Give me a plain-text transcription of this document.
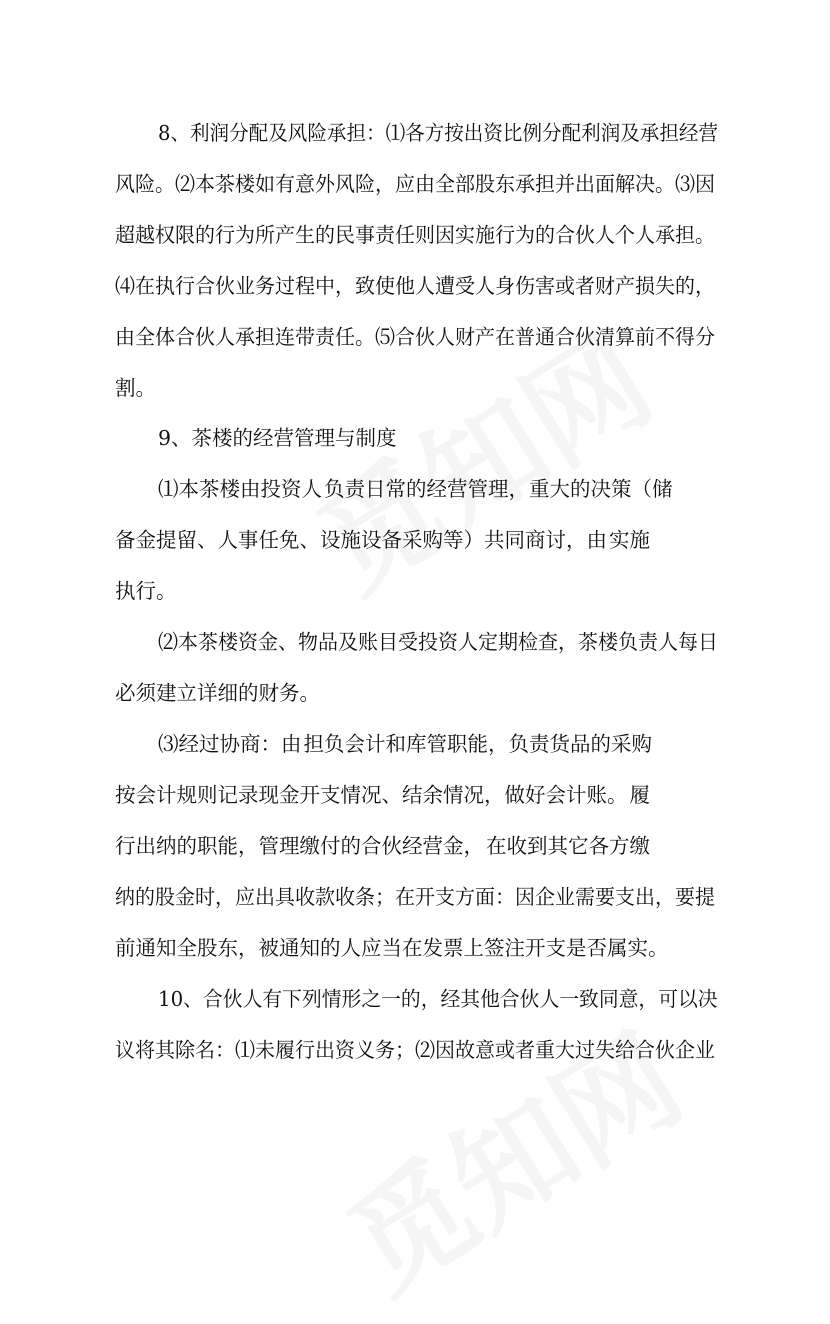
8、利润分配及风险承担：⑴各方按出资比例分配利润及承担经营
风险。⑵本茶楼如有意外风险，应由全部股东承担并出面解决。⑶因
超越权限的行为所产生的民事责任则因实施行为的合伙人个人承担。
⑷在执行合伙业务过程中，致使他人遭受人身伤害或者财产损失的，
由全体合伙人承担连带责任。⑸合伙人财产在普通合伙清算前不得分
割。
9、茶楼的经营管理与制度
⑴本茶楼由投资人负责日常的经营管理，重大的决策（储
备金提留、人事任免、设施设备采购等）共同商讨，由实施
执行。
⑵本茶楼资金、物品及账目受投资人定期检查，茶楼负责人每日
必须建立详细的财务。
⑶经过协商：由担负会计和库管职能，负责货品的采购
按会计规则记录现金开支情况、结余情况，做好会计账。履
行出纳的职能，管理缴付的合伙经营金，在收到其它各方缴
纳的股金时，应出具收款收条；在开支方面：因企业需要支出，要提
前通知全股东，被通知的人应当在发票上签注开支是否属实。
10、合伙人有下列情形之一的，经其他合伙人一致同意，可以决
议将其除名：⑴未履行出资义务；⑵因故意或者重大过失给合伙企业
